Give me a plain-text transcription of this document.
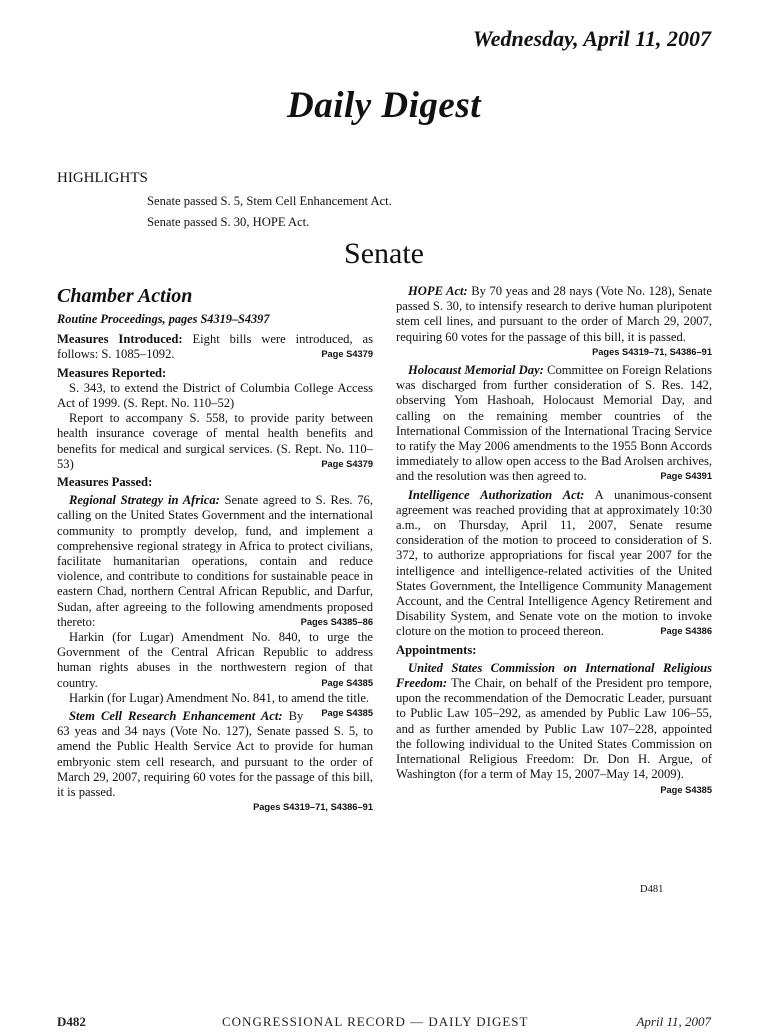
Wednesday, April 11, 2007
Daily Digest
HIGHLIGHTS
Senate passed S. 5, Stem Cell Enhancement Act.
Senate passed S. 30, HOPE Act.
Senate

Chamber Action

Routine Proceedings, pages S4319–S4397

Measures Introduced: Eight bills were introduced, as follows: S. 1085–1092.	Page S4379

Measures Reported:

S. 343, to extend the District of Columbia College Access Act of 1999. (S. Rept. No. 110–52)

Report to accompany S. 558, to provide parity between health insurance coverage of mental health benefits and benefits for medical and surgical services. (S. Rept. No. 110–53)	Page S4379

Measures Passed:

Regional Strategy in Africa: Senate agreed to S. Res. 76, calling on the United States Government and the international community to promptly develop, fund, and implement a comprehensive regional strategy in Africa to protect civilians, facilitate humanitarian operations, contain and reduce violence, and contribute to conditions for sustainable peace in eastern Chad, northern Central African Republic, and Darfur, Sudan, after agreeing to the following amendments proposed thereto:	Pages S4385–86

Harkin (for Lugar) Amendment No. 840, to urge the Government of the Central African Republic to address human rights abuses in the northwestern region of that country.	Page S4385

Harkin (for Lugar) Amendment No. 841, to amend the title.
Page S4385

Stem Cell Research Enhancement Act: By 63 yeas and 34 nays (Vote No. 127), Senate passed S. 5, to amend the Public Health Service Act to provide for human embryonic stem cell research, and pursuant to the order of March 29, 2007, requiring 60 votes for the passage of this bill, it is passed.

Pages S4319–71, S4386–91

HOPE Act: By 70 yeas and 28 nays (Vote No. 128), Senate passed S. 30, to intensify research to derive human pluripotent stem cell lines, and pursuant to the order of March 29, 2007, requiring 60 votes for the passage of this bill, it is passed.

Pages S4319–71, S4386–91

Holocaust Memorial Day: Committee on Foreign Relations was discharged from further consideration of S. Res. 142, observing Yom Hashoah, Holocaust Memorial Day, and calling on the remaining member countries of the International Commission of the International Tracing Service to ratify the May 2006 amendments to the 1955 Bonn Accords immediately to allow open access to the Bad Arolsen archives, and the resolution was then agreed to.	Page S4391

Intelligence Authorization Act: A unanimous-consent agreement was reached providing that at approximately 10:30 a.m., on Thursday, April 11, 2007, Senate resume consideration of the motion to proceed to consideration of S. 372, to authorize appropriations for fiscal year 2007 for the intelligence and intelligence-related activities of the United States Government, the Intelligence Community Management Account, and the Central Intelligence Agency Retirement and Disability System, and Senate vote on the motion to invoke cloture on the motion to proceed thereon.	Page S4386

Appointments:

United States Commission on International Religious Freedom: The Chair, on behalf of the President pro tempore, upon the recommendation of the Democratic Leader, pursuant to Public Law 105–292, as amended by Public Law 106–55, and as further amended by Public Law 107–228, appointed the following individual to the United States Commission on International Religious Freedom: Dr. Don H. Argue, of Washington (for a term of May 15, 2007–May 14, 2009).
Page S4385

D481
D482	CONGRESSIONAL RECORD — DAILY DIGEST	April 11, 2007
